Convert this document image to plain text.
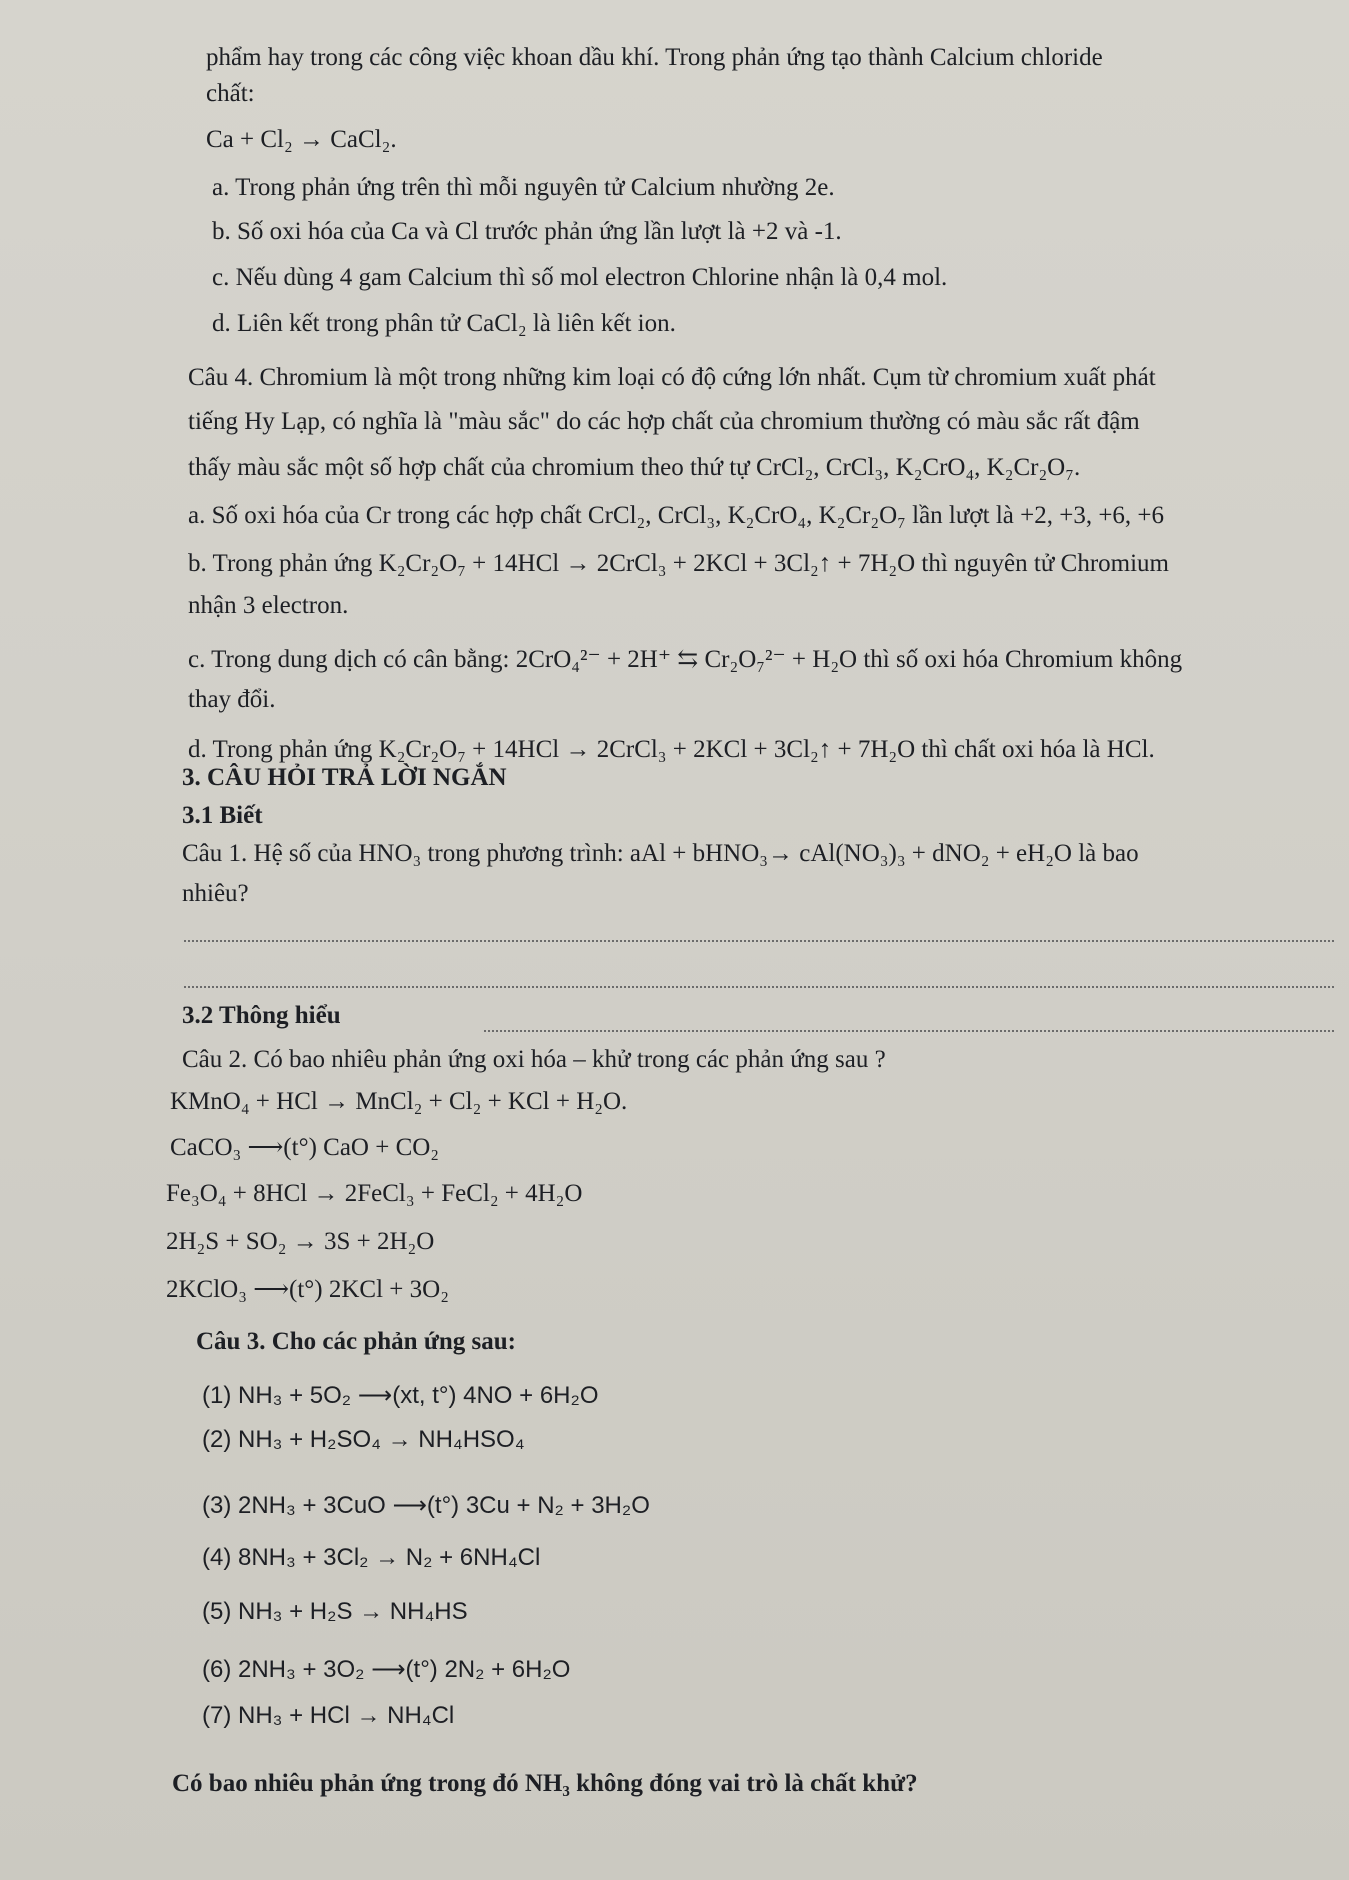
phẩm hay trong các công việc khoan dầu khí. Trong phản ứng tạo thành Calcium chloride
chất:
Ca + Cl₂ → CaCl₂.
a. Trong phản ứng trên thì mỗi nguyên tử Calcium nhường 2e.
b. Số oxi hóa của Ca và Cl trước phản ứng lần lượt là +2 và -1.
c. Nếu dùng 4 gam Calcium thì số mol electron Chlorine nhận là 0,4 mol.
d. Liên kết trong phân tử CaCl₂ là liên kết ion.
Câu 4. Chromium là một trong những kim loại có độ cứng lớn nhất. Cụm từ chromium xuất phát
tiếng Hy Lạp, có nghĩa là "màu sắc" do các hợp chất của chromium thường có màu sắc rất đậm
thấy màu sắc một số hợp chất của chromium theo thứ tự CrCl₂, CrCl₃, K₂CrO₄, K₂Cr₂O₇.
a. Số oxi hóa của Cr trong các hợp chất CrCl₂, CrCl₃, K₂CrO₄, K₂Cr₂O₇ lần lượt là +2, +3, +6, +6
b. Trong phản ứng K₂Cr₂O₇ + 14HCl → 2CrCl₃ + 2KCl + 3Cl₂↑ + 7H₂O thì nguyên tử Chromium
nhận 3 electron.
c. Trong dung dịch có cân bằng: 2CrO₄²⁻ + 2H⁺ ⇆ Cr₂O₇²⁻ + H₂O thì số oxi hóa Chromium không
thay đổi.
d. Trong phản ứng K₂Cr₂O₇ + 14HCl → 2CrCl₃ + 2KCl + 3Cl₂↑ + 7H₂O thì chất oxi hóa là HCl.
3. CÂU HỎI TRẢ LỜI NGẮN
3.1 Biết
Câu 1. Hệ số của HNO₃ trong phương trình: aAl + bHNO₃→ cAl(NO₃)₃ + dNO₂ + eH₂O là bao
nhiêu?
3.2 Thông hiểu
Câu 2. Có bao nhiêu phản ứng oxi hóa – khử trong các phản ứng sau ?
KMnO₄ + HCl → MnCl₂ + Cl₂ + KCl + H₂O.
CaCO₃ ⟶(t°) CaO + CO₂
Fe₃O₄ + 8HCl → 2FeCl₃ + FeCl₂ + 4H₂O
2H₂S + SO₂ → 3S + 2H₂O
2KClO₃ ⟶(t°) 2KCl + 3O₂
Câu 3. Cho các phản ứng sau:
(1) NH₃ + 5O₂ ⟶(xt, t°) 4NO + 6H₂O
(2) NH₃ + H₂SO₄ → NH₄HSO₄
(3) 2NH₃ + 3CuO ⟶(t°) 3Cu + N₂ + 3H₂O
(4) 8NH₃ + 3Cl₂ → N₂ + 6NH₄Cl
(5) NH₃ + H₂S → NH₄HS
(6) 2NH₃ + 3O₂ ⟶(t°) 2N₂ + 6H₂O
(7) NH₃ + HCl → NH₄Cl
Có bao nhiêu phản ứng trong đó NH₃ không đóng vai trò là chất khử?
